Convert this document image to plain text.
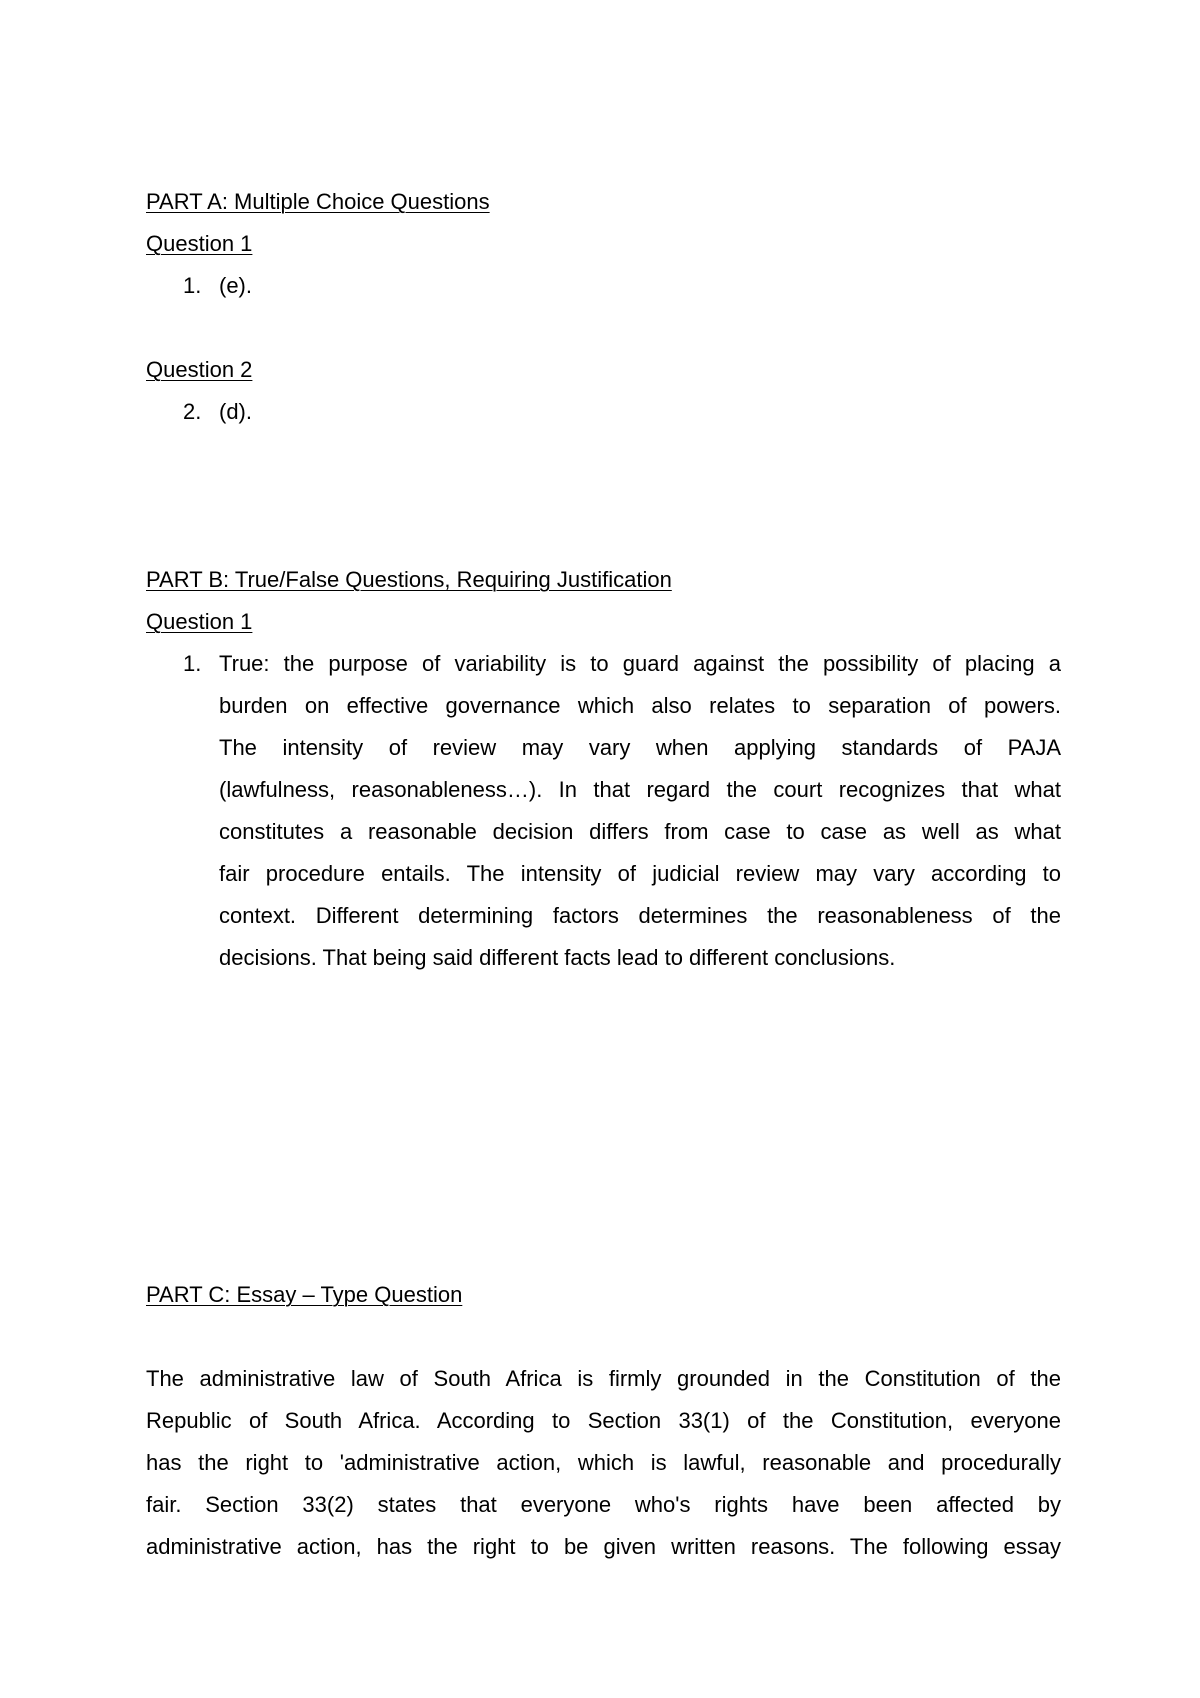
PART A: Multiple Choice Questions
Question 1
1. (e).
Question 2
2. (d).
PART B: True/False Questions, Requiring Justification
Question 1
1. True: the purpose of variability is to guard against the possibility of placing a
burden on effective governance which also relates to separation of powers.
The intensity of review may vary when applying standards of PAJA
(lawfulness, reasonableness…). In that regard the court recognizes that what
constitutes a reasonable decision differs from case to case as well as what
fair procedure entails. The intensity of judicial review may vary according to
context. Different determining factors determines the reasonableness of the
decisions. That being said different facts lead to different conclusions.
PART C: Essay – Type Question
The administrative law of South Africa is firmly grounded in the Constitution of the
Republic of South Africa. According to Section 33(1) of the Constitution, everyone
has the right to 'administrative action, which is lawful, reasonable and procedurally
fair. Section 33(2) states that everyone who's rights have been affected by
administrative action, has the right to be given written reasons. The following essay
